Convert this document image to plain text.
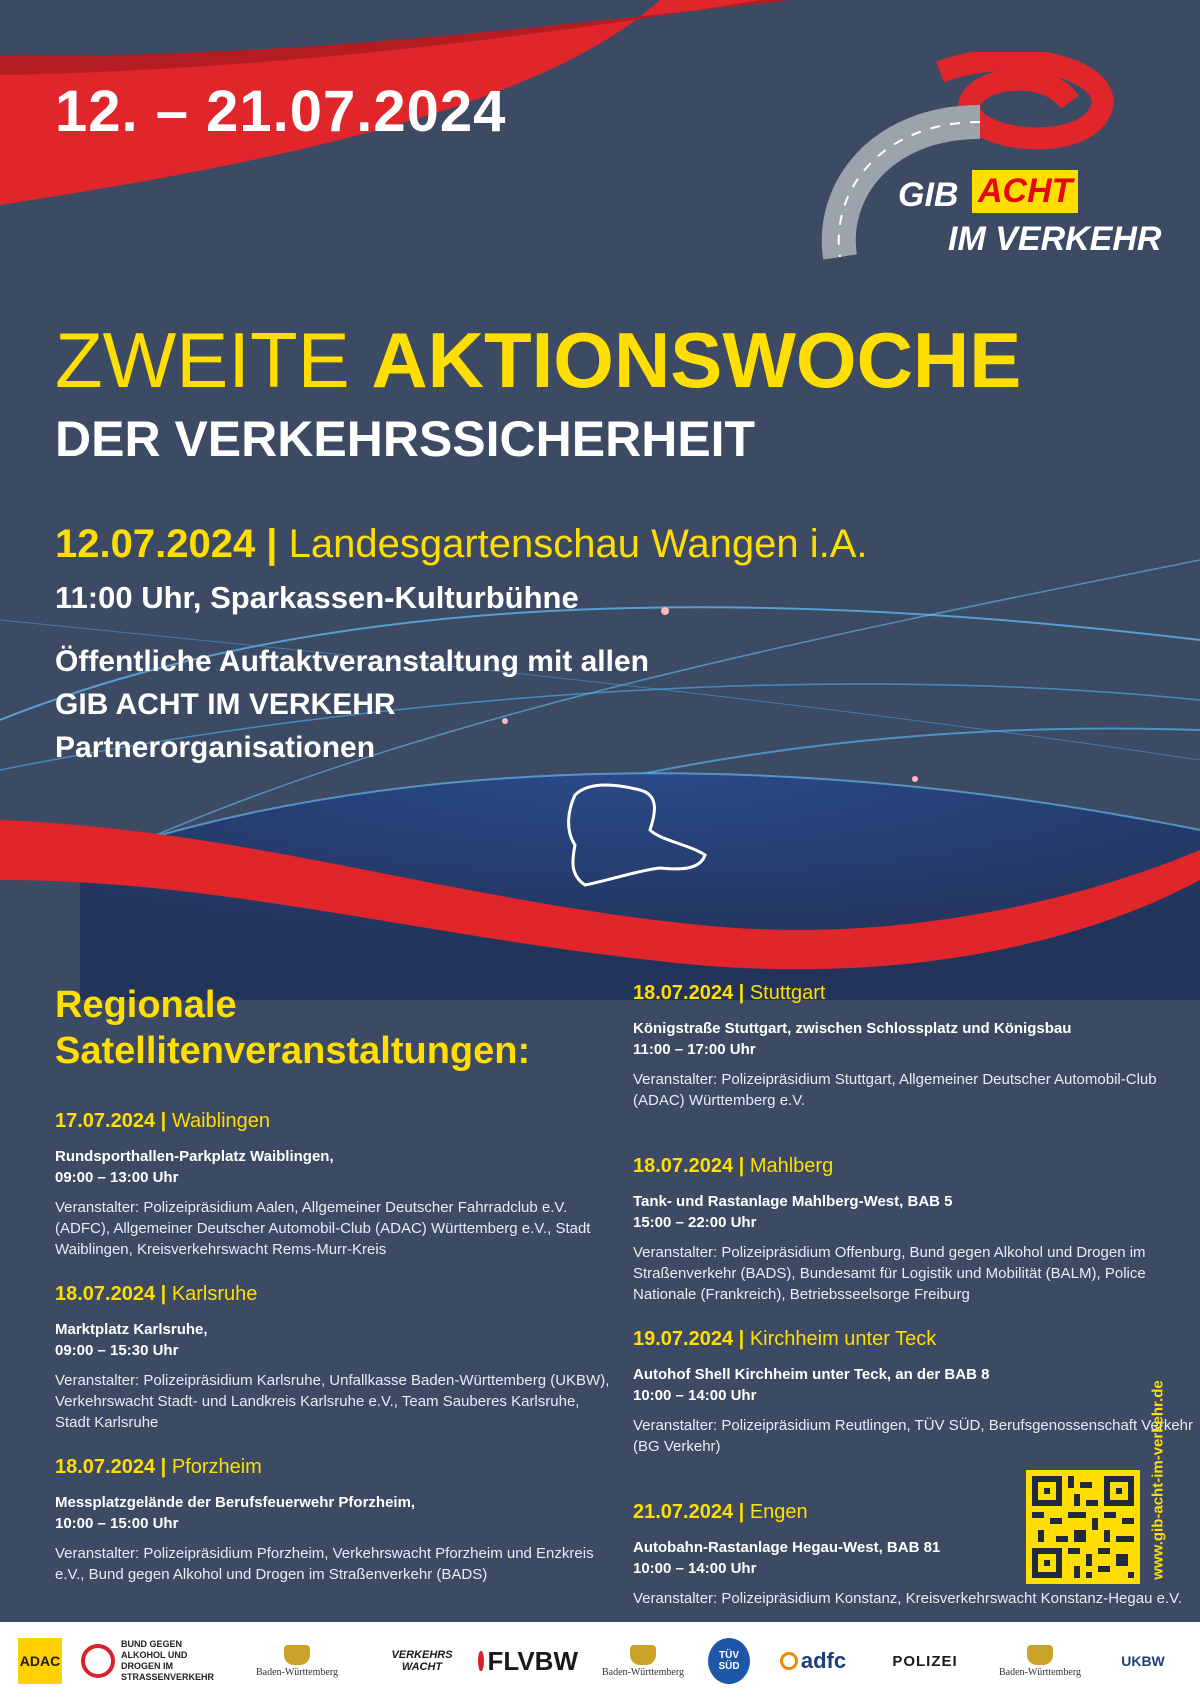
12. – 21.07.2024
GIB ACHT
IM VERKEHR
ZWEITE AKTIONSWOCHE
DER VERKEHRSSICHERHEIT
12.07.2024 | Landesgartenschau Wangen i.A.
11:00 Uhr, Sparkassen-Kulturbühne
Öffentliche Auftaktveranstaltung mit allen GIB ACHT IM VERKEHR Partnerorganisationen
Regionale Satellitenveranstaltungen:
17.07.2024 | Waiblingen
Rundsporthallen-Parkplatz Waiblingen,
09:00 – 13:00 Uhr
Veranstalter: Polizeipräsidium Aalen, Allgemeiner Deutscher Fahrradclub e.V. (ADFC), Allgemeiner Deutscher Automobil-Club (ADAC) Württemberg e.V., Stadt Waiblingen, Kreisverkehrswacht Rems-Murr-Kreis
18.07.2024 | Karlsruhe
Marktplatz Karlsruhe,
09:00 – 15:30 Uhr
Veranstalter: Polizeipräsidium Karlsruhe, Unfallkasse Baden-Württemberg (UKBW), Verkehrswacht Stadt- und Landkreis Karlsruhe e.V., Team Sauberes Karlsruhe, Stadt Karlsruhe
18.07.2024 | Pforzheim
Messplatzgelände der Berufsfeuerwehr Pforzheim,
10:00 – 15:00 Uhr
Veranstalter: Polizeipräsidium Pforzheim, Verkehrswacht Pforzheim und Enzkreis e.V., Bund gegen Alkohol und Drogen im Straßenverkehr (BADS)
18.07.2024 | Stuttgart
Königstraße Stuttgart, zwischen Schlossplatz und Königsbau
11:00 – 17:00 Uhr
Veranstalter: Polizeipräsidium Stuttgart, Allgemeiner Deutscher Automobil-Club (ADAC) Württemberg e.V.
18.07.2024 | Mahlberg
Tank- und Rastanlage Mahlberg-West, BAB 5
15:00 – 22:00 Uhr
Veranstalter: Polizeipräsidium Offenburg, Bund gegen Alkohol und Drogen im Straßenverkehr (BADS), Bundesamt für Logistik und Mobilität (BALM), Police Nationale (Frankreich), Betriebsseelsorge Freiburg
19.07.2024 | Kirchheim unter Teck
Autohof Shell Kirchheim unter Teck, an der BAB 8
10:00 – 14:00 Uhr
Veranstalter: Polizeipräsidium Reutlingen, TÜV SÜD, Berufsgenossenschaft Verkehr (BG Verkehr)
21.07.2024 | Engen
Autobahn-Rastanlage Hegau-West, BAB 81
10:00 – 14:00 Uhr
Veranstalter: Polizeipräsidium Konstanz, Kreisverkehrswacht Konstanz-Hegau e.V.
www.gib-acht-im-verkehr.de
ADAC
BUND GEGEN
ALKOHOL UND
DROGEN IM
STRASSENVERKEHR	Baden-Württemberg
VERKEHRS
WACHT	FLVBW Baden-Württemberg
TÜV SÜD	adfc	POLIZEI
Baden-Württemberg
UKBW
